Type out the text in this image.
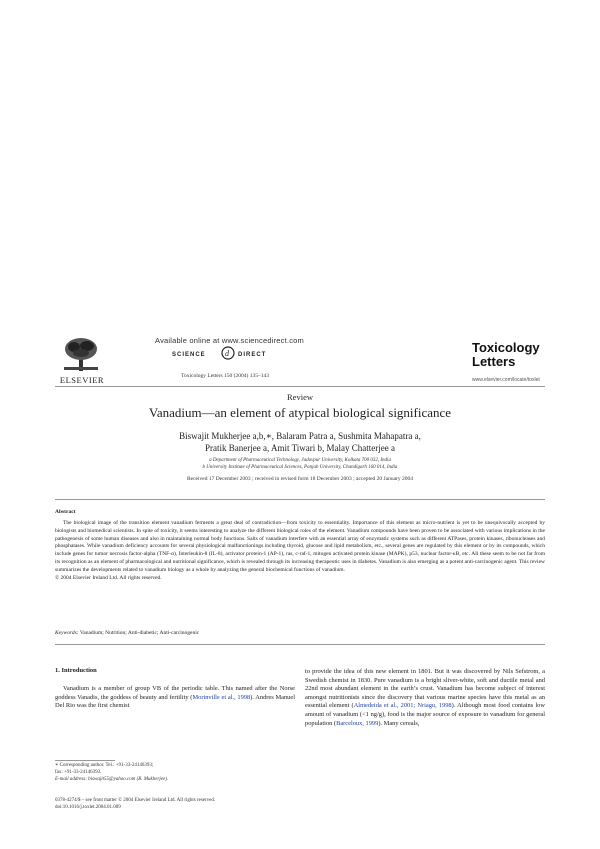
ELSEVIER
Available online at www.sciencedirect.com
SCIENCE d DIRECT
Toxicology Letters 150 (2004) 135–143
Toxicology
Letters
www.elsevier.com/locate/toxlet
Review
Vanadium—an element of atypical biological significance
Biswajit Mukherjee a,b,∗, Balaram Patra a, Sushmita Mahapatra a,
Pratik Banerjee a, Amit Tiwari b, Malay Chatterjee a
a Department of Pharmaceutical Technology, Jadavpur University, Kolkata 700 032, India
b University Institute of Pharmaceutical Sciences, Panjab University, Chandigarh 160 014, India
Received 17 December 2003 ; received in revised form 18 December 2003 ; accepted 20 January 2004
Abstract

The biological image of the transition element vanadium ferments a great deal of contradiction—from toxicity to essentiality. Importance of this element as micro-nutrient is yet to be unequivocally accepted by biologists and biomedical scientists. In spite of toxicity, it seems interesting to analyze the different biological roles of the element. Vanadium compounds have been proven to be associated with various implications in the pathogenesis of some human diseases and also in maintaining normal body functions. Salts of vanadium interfere with an essential array of enzymatic systems such as different ATPases, protein kinases, ribonucleases and phosphatases. While vanadium deficiency accounts for several physiological malfunctionings including thyroid, glucose and lipid metabolism, etc., several genes are regulated by this element or by its compounds, which include genes for tumor necrosis factor-alpha (TNF-α), Interleukin-8 (IL-8), activator protein-1 (AP-1), ras, c-raf-1, mitogen activated protein kinase (MAPK), p53, nuclear factor-κB, etc. All these seem to be not far from its recognition as an element of pharmacological and nutritional significance, which is revealed through its increasing therapeutic uses in diabetes. Vanadium is also emerging as a potent anti-carcinogenic agent. This review summarizes the developments related to vanadium biology as a whole by analyzing the general biochemical functions of vanadium.

© 2004 Elsevier Ireland Ltd. All rights reserved.
Keywords: Vanadium; Nutrition; Anti-diabetic; Anti-carcinogenic
1. Introduction

Vanadium is a member of group VB of the periodic table. This named after the Norse goddess Vanadis, the goddess of beauty and fertility (Morinville et al., 1998). Andres Manuel Del Rio was the first chemist

to provide the idea of this new element in 1801. But it was discovered by Nils Sefstrom, a Swedish chemist in 1830. Pure vanadium is a bright sliver-white, soft and ductile metal and 22nd most abundant element in the earth’s crust. Vanadium has become subject of interest amongst nutritionists since the discovery that various marine species have this metal as an essential element (Almedeida et al., 2001; Nriagu, 1998). Although most food contains low amount of vanadium (<1 ng/g), food is the major source of exposure to vanadium for general population (Barceloux, 1999). Many cereals,

∗ Corresponding author. Tel.: +91-33-24146393;
fax: +91-33-24146393.
E-mail address: biswajit55@yahoo.com (B. Mukherjee).
0378-4274/$ – see front matter © 2004 Elsevier Ireland Ltd. All rights reserved.
doi:10.1016/j.toxlet.2004.01.009
